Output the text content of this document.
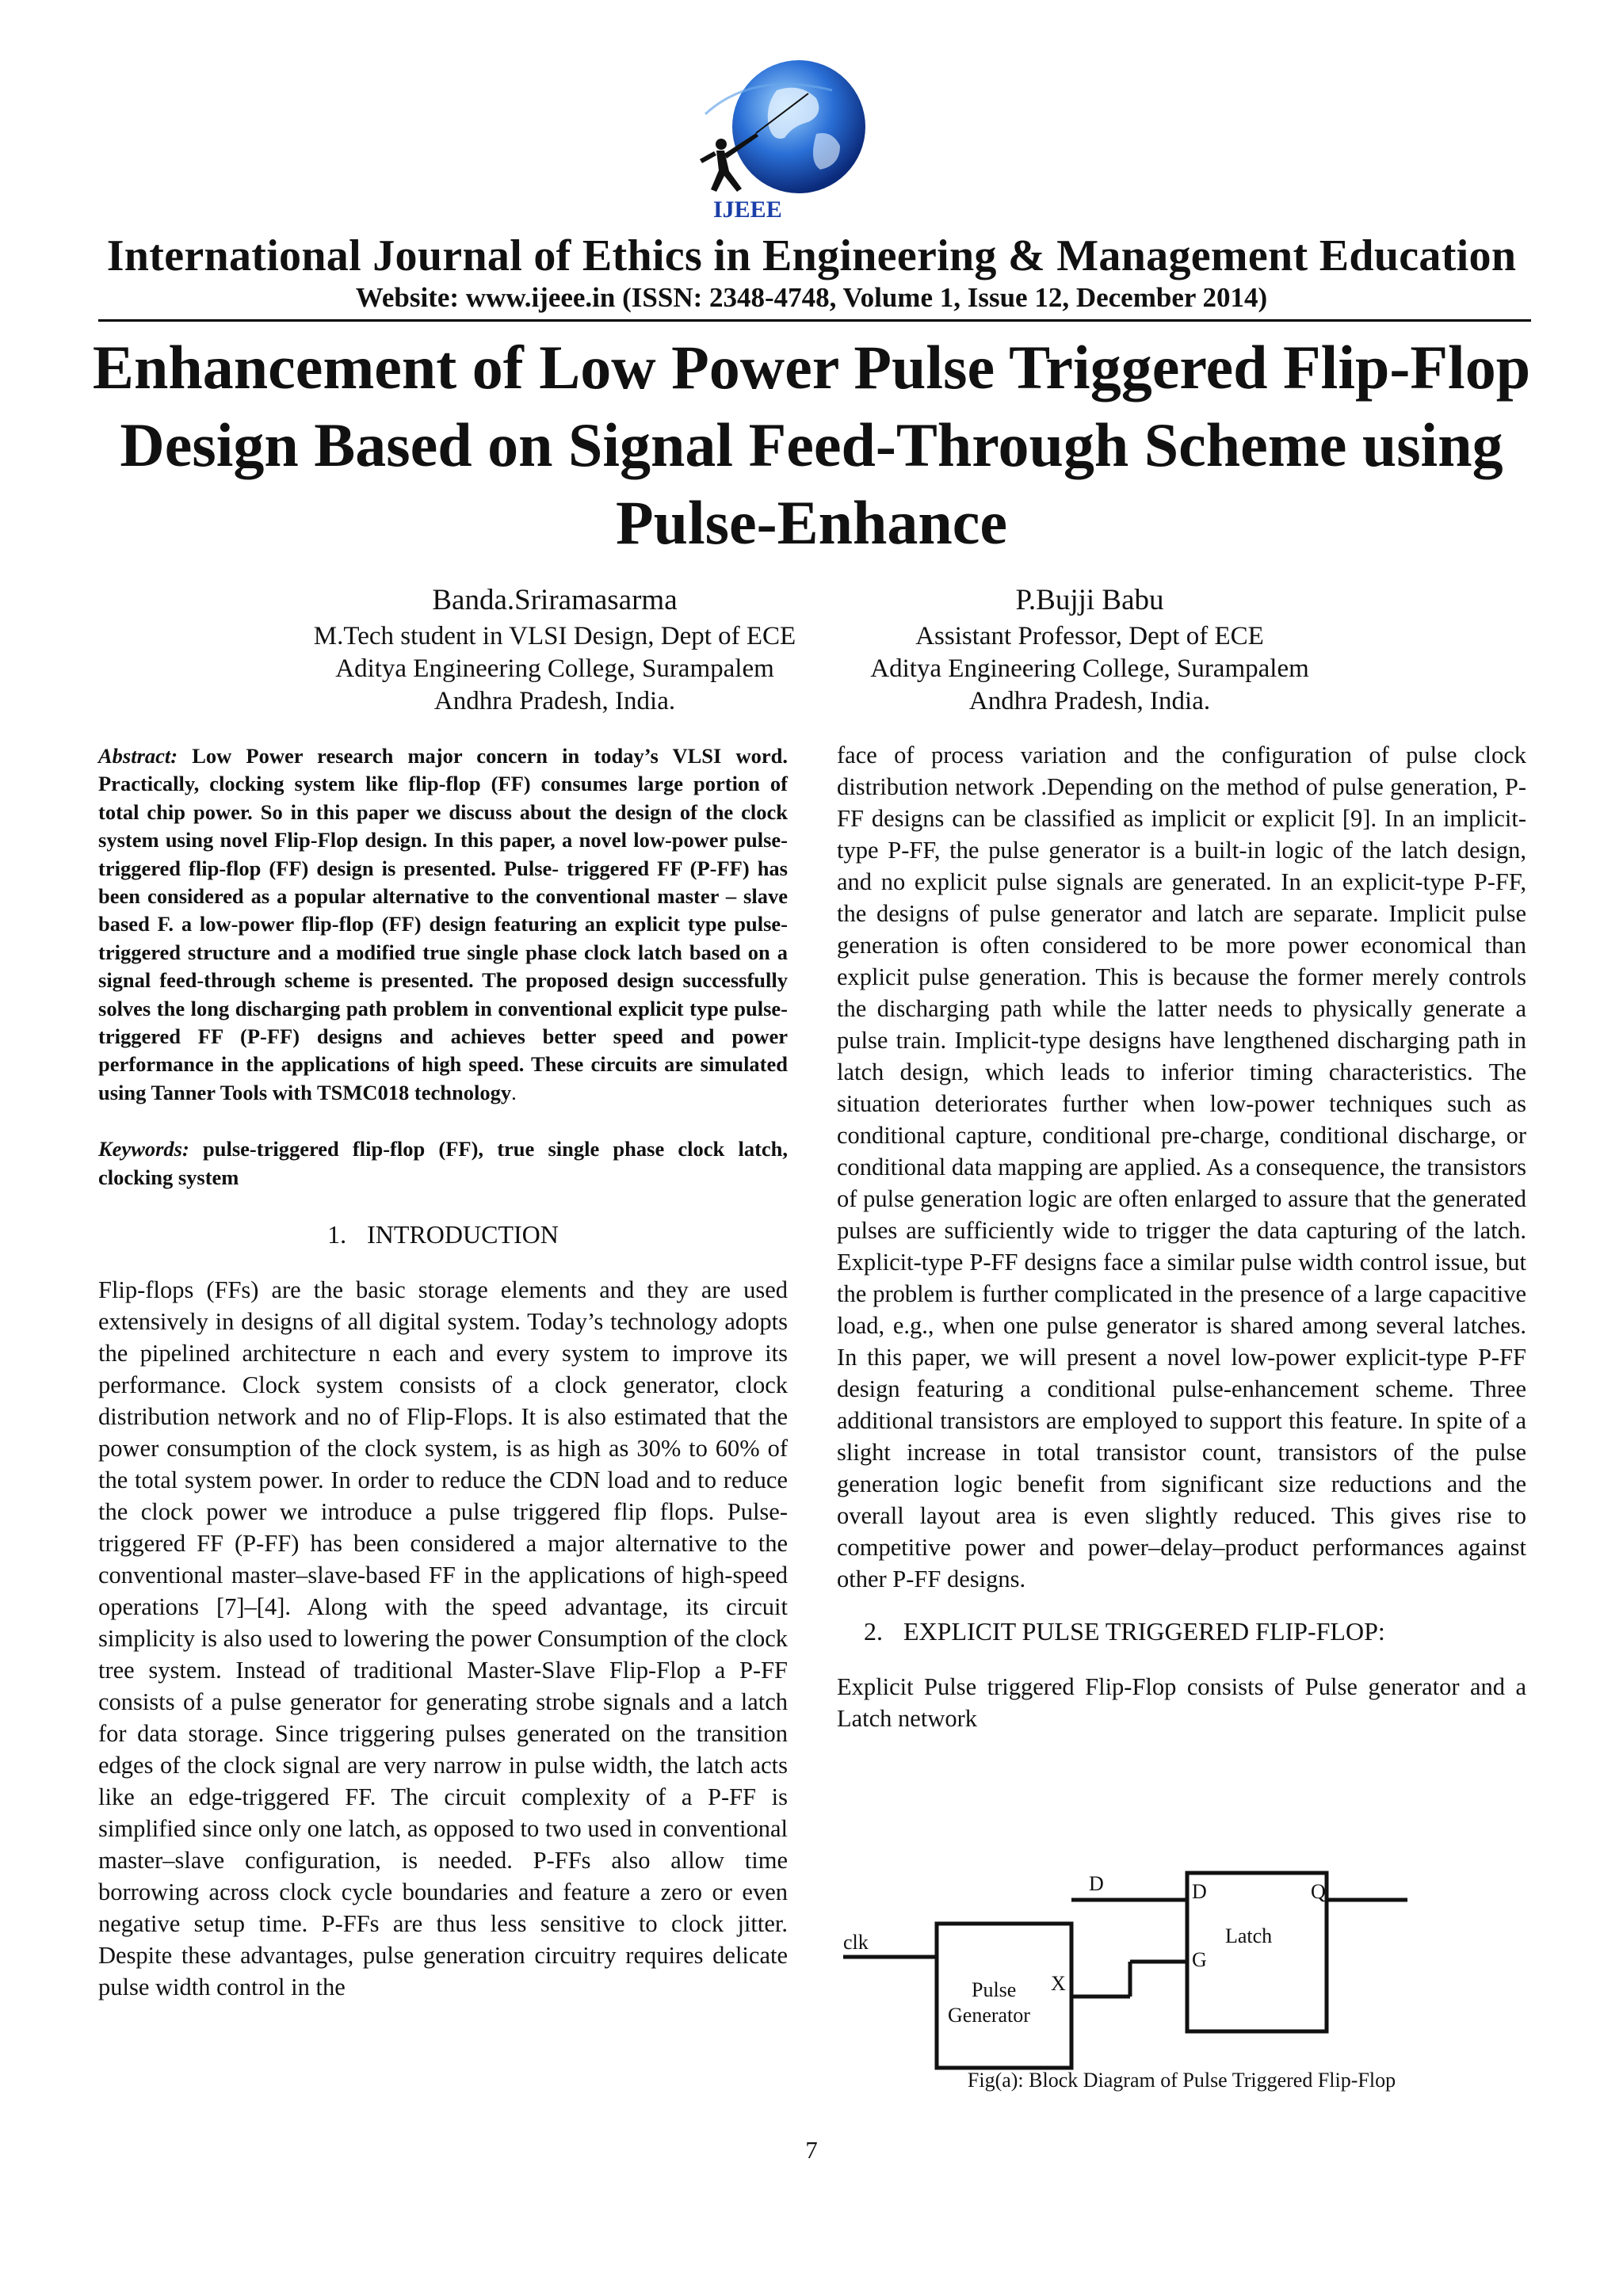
IJEEE
International Journal of Ethics in Engineering & Management Education
Website: www.ijeee.in (ISSN: 2348-4748, Volume 1, Issue 12, December 2014)
Enhancement of Low Power Pulse Triggered Flip-Flop Design Based on Signal Feed-Through Scheme using Pulse-Enhance
Banda.Sriramasarma
M.Tech student in VLSI Design, Dept of ECE
Aditya Engineering College, Surampalem
Andhra Pradesh, India.
P.Bujji Babu
Assistant Professor, Dept of ECE
Aditya Engineering College, Surampalem
Andhra Pradesh, India.
Abstract: Low Power research major concern in today’s VLSI word. Practically, clocking system like flip-flop (FF) consumes large portion of total chip power. So in this paper we discuss about the design of the clock system using novel Flip-Flop design. In this paper, a novel low-power pulse-triggered flip-flop (FF) design is presented. Pulse- triggered FF (P-FF) has been considered as a popular alternative to the conventional master – slave based F. a low-power flip-flop (FF) design featuring an explicit type pulse-triggered structure and a modified true single phase clock latch based on a signal feed-through scheme is presented. The proposed design successfully solves the long discharging path problem in conventional explicit type pulse-triggered FF (P-FF) designs and achieves better speed and power performance in the applications of high speed. These circuits are simulated using Tanner Tools with TSMC018 technology.
Keywords: pulse-triggered flip-flop (FF), true single phase clock latch, clocking system
1. INTRODUCTION

Flip-flops (FFs) are the basic storage elements and they are used extensively in designs of all digital system. Today’s technology adopts the pipelined architecture n each and every system to improve its performance. Clock system consists of a clock generator, clock distribution network and no of Flip-Flops. It is also estimated that the power consumption of the clock system, is as high as 30% to 60% of the total system power. In order to reduce the CDN load and to reduce the clock power we introduce a pulse triggered flip flops. Pulse-triggered FF (P-FF) has been considered a major alternative to the conventional master–slave-based FF in the applications of high-speed operations [7]–[4]. Along with the speed advantage, its circuit simplicity is also used to lowering the power Consumption of the clock tree system. Instead of traditional Master-Slave Flip-Flop a P-FF consists of a pulse generator for generating strobe signals and a latch for data storage. Since triggering pulses generated on the transition edges of the clock signal are very narrow in pulse width, the latch acts like an edge-triggered FF. The circuit complexity of a P-FF is simplified since only one latch, as opposed to two used in conventional master–slave configuration, is needed. P-FFs also allow time borrowing across clock cycle boundaries and feature a zero or even negative setup time. P-FFs are thus less sensitive to clock jitter. Despite these advantages, pulse generation circuitry requires delicate pulse width control in the

face of process variation and the configuration of pulse clock distribution network .Depending on the method of pulse generation, P-FF designs can be classified as implicit or explicit [9]. In an implicit-type P-FF, the pulse generator is a built-in logic of the latch design, and no explicit pulse signals are generated. In an explicit-type P-FF, the designs of pulse generator and latch are separate. Implicit pulse generation is often considered to be more power economical than explicit pulse generation. This is because the former merely controls the discharging path while the latter needs to physically generate a pulse train. Implicit-type designs have lengthened discharging path in latch design, which leads to inferior timing characteristics. The situation deteriorates further when low-power techniques such as conditional capture, conditional pre-charge, conditional discharge, or conditional data mapping are applied. As a consequence, the transistors of pulse generation logic are often enlarged to assure that the generated pulses are sufficiently wide to trigger the data capturing of the latch. Explicit-type P-FF designs face a similar pulse width control issue, but the problem is further complicated in the presence of a large capacitive load, e.g., when one pulse generator is shared among several latches. In this paper, we will present a novel low-power explicit-type P-FF design featuring a conditional pulse-enhancement scheme. Three additional transistors are employed to support this feature. In spite of a slight increase in total transistor count, transistors of the pulse generation logic benefit from significant size reductions and the overall layout area is even slightly reduced. This gives rise to competitive power and power–delay–product performances against other P-FF designs.

2. EXPLICIT PULSE TRIGGERED FLIP-FLOP:

Explicit Pulse triggered Flip-Flop consists of Pulse generator and a Latch network

clk
Pulse
Generator
X
D	D
G
Latch
Q
Fig(a): Block Diagram of Pulse Triggered Flip-Flop
7
